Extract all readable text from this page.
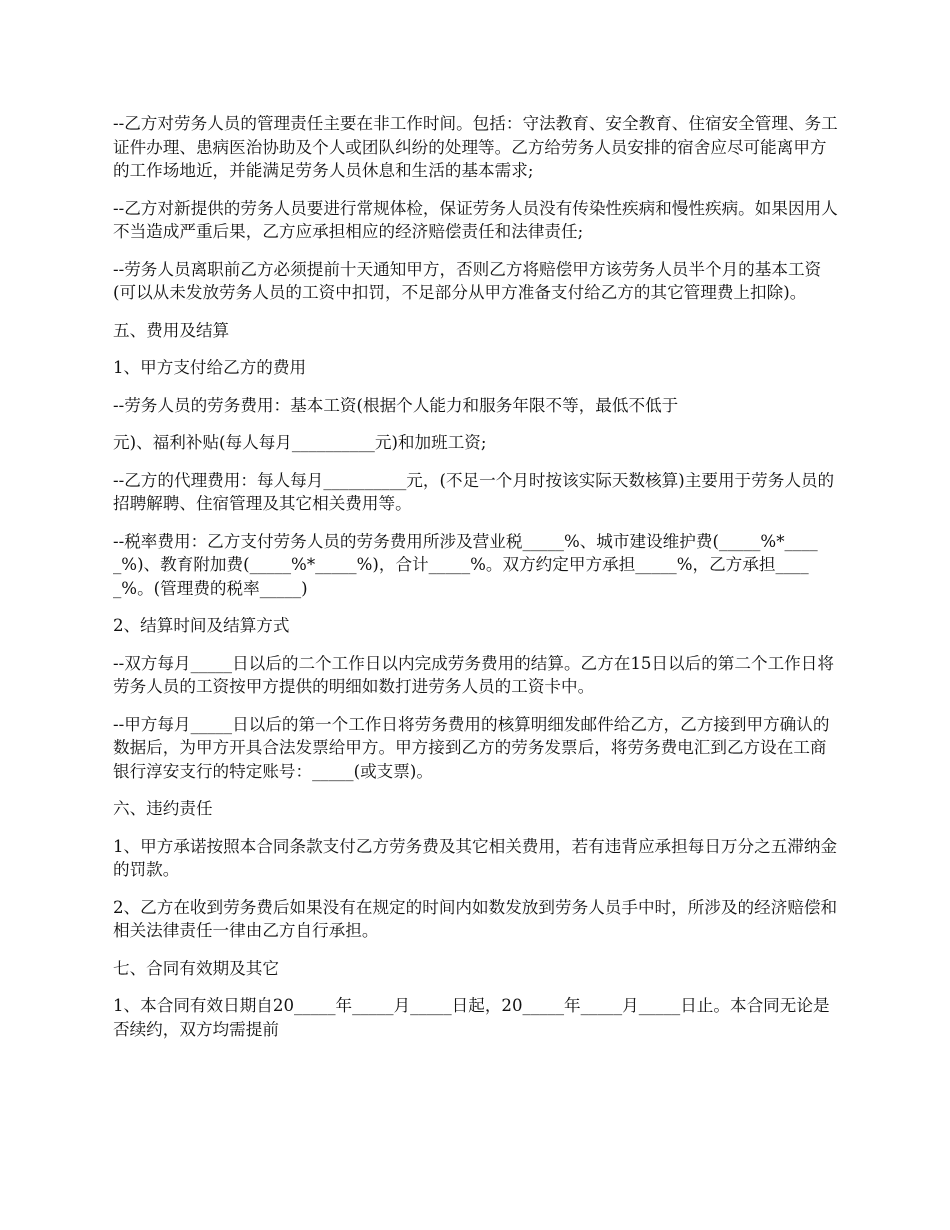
--乙方对劳务人员的管理责任主要在非工作时间。包括：守法教育、安全教育、住宿安全管理、务工证件办理、患病医治协助及个人或团队纠纷的处理等。乙方给劳务人员安排的宿舍应尽可能离甲方的工作场地近，并能满足劳务人员休息和生活的基本需求;

--乙方对新提供的劳务人员要进行常规体检，保证劳务人员没有传染性疾病和慢性疾病。如果因用人不当造成严重后果，乙方应承担相应的经济赔偿责任和法律责任;

--劳务人员离职前乙方必须提前十天通知甲方，否则乙方将赔偿甲方该劳务人员半个月的基本工资(可以从未发放劳务人员的工资中扣罚，不足部分从甲方准备支付给乙方的其它管理费上扣除)。

五、费用及结算

1、甲方支付给乙方的费用

--劳务人员的劳务费用：基本工资(根据个人能力和服务年限不等，最低不低于

元)、福利补贴(每人每月__________元)和加班工资;

--乙方的代理费用：每人每月__________元，(不足一个月时按该实际天数核算)主要用于劳务人员的招聘解聘、住宿管理及其它相关费用等。

--税率费用：乙方支付劳务人员的劳务费用所涉及营业税_____%、城市建设维护费(_____%*_____%)、教育附加费(_____%*_____%)，合计_____%。双方约定甲方承担_____%，乙方承担_____%。(管理费的税率_____)

2、结算时间及结算方式

--双方每月_____日以后的二个工作日以内完成劳务费用的结算。乙方在15日以后的第二个工作日将劳务人员的工资按甲方提供的明细如数打进劳务人员的工资卡中。

--甲方每月_____日以后的第一个工作日将劳务费用的核算明细发邮件给乙方，乙方接到甲方确认的数据后，为甲方开具合法发票给甲方。甲方接到乙方的劳务发票后，将劳务费电汇到乙方设在工商银行淳安支行的特定账号：_____(或支票)。

六、违约责任

1、甲方承诺按照本合同条款支付乙方劳务费及其它相关费用，若有违背应承担每日万分之五滞纳金的罚款。

2、乙方在收到劳务费后如果没有在规定的时间内如数发放到劳务人员手中时，所涉及的经济赔偿和相关法律责任一律由乙方自行承担。

七、合同有效期及其它

1、本合同有效日期自20_____年_____月_____日起，20_____年_____月_____日止。本合同无论是否续约，双方均需提前
